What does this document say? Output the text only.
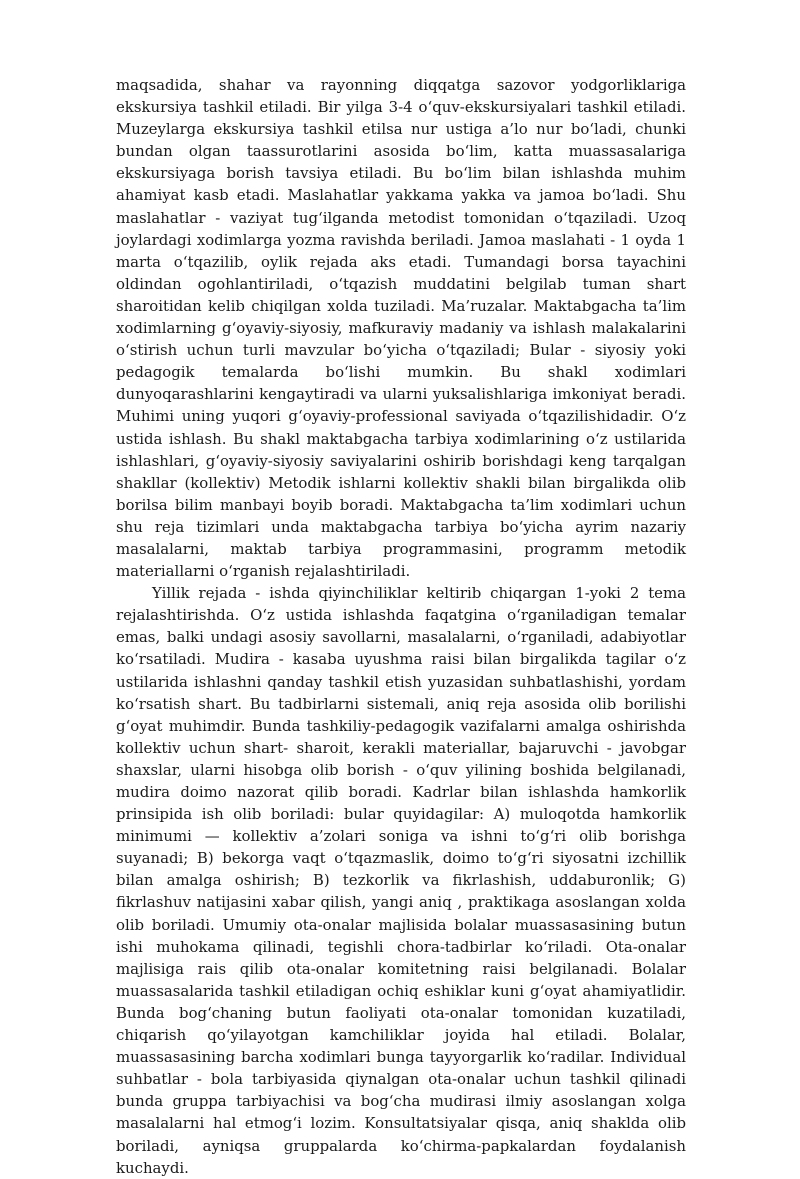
maqsadida, shahar va rayonning diqqatga sazovor yodgorliklariga ekskursiya tashkil etiladi. Bir yilga 3-4 o‘quv-ekskursiyalari tashkil etiladi. Muzeylarga ekskursiya tashkil etilsa nur ustiga a’lo nur bo‘ladi, chunki bundan olgan taassurotlarini asosida bo‘lim, katta muassasalariga ekskursiyaga borish tavsiya etiladi. Bu bo‘lim bilan ishlashda muhim ahamiyat kasb etadi. Maslahatlar yakkama yakka va jamoa bo‘ladi. Shu maslahatlar - vaziyat tug‘ilganda metodist tomonidan o‘tqaziladi. Uzoq joylardagi xodimlarga yozma ravishda beriladi. Jamoa maslahati - 1 oyda 1 marta o‘tqazilib, oylik rejada aks etadi. Tumandagi borsa tayachini oldindan ogohlantiriladi, o‘tqazish muddatini belgilab tuman shart sharoitidan kelib chiqilgan xolda tuziladi. Ma’ruzalar. Maktabgacha ta’lim xodimlarning g‘oyaviy-siyosiy, mafkuraviy madaniy va ishlash malakalarini o‘stirish uchun turli mavzular bo‘yicha o‘tqaziladi; Bular - siyosiy yoki pedagogik temalarda bo‘lishi mumkin. Bu shakl xodimlari dunyoqarashlarini kengaytiradi va ularni yuksalishlariga imkoniyat beradi. Muhimi uning yuqori g‘oyaviy-professional saviyada o‘tqazilishidadir. O‘z ustida ishlash. Bu shakl maktabgacha tarbiya xodimlarining o‘z ustilarida ishlashlari, g‘oyaviy-siyosiy saviyalarini oshirib borishdagi keng tarqalgan shakllar (kollektiv) Metodik ishlarni kollektiv shakli bilan birgalikda olib borilsa bilim manbayi boyib boradi. Maktabgacha ta’lim xodimlari uchun shu reja tizimlari unda maktabgacha tarbiya bo‘yicha ayrim nazariy masalalarni, maktab tarbiya programmasini, programm metodik materiallarni o‘rganish rejalashtiriladi.

Yillik rejada - ishda qiyinchiliklar keltirib chiqargan 1-yoki 2 tema rejalashtirishda. O‘z ustida ishlashda faqatgina o‘rganiladigan temalar emas, balki undagi asosiy savollarni, masalalarni, o‘rganiladi, adabiyotlar ko‘rsatiladi. Mudira - kasaba uyushma raisi bilan birgalikda tagilar o‘z ustilarida ishlashni qanday tashkil etish yuzasidan suhbatlashishi, yordam ko‘rsatish shart. Bu tadbirlarni sistemali, aniq reja asosida olib borilishi g‘oyat muhimdir. Bunda tashkiliy-pedagogik vazifalarni amalga oshirishda kollektiv uchun shart- sharoit, kerakli materiallar, bajaruvchi - javobgar shaxslar, ularni hisobga olib borish - o‘quv yilining boshida belgilanadi, mudira doimo nazorat qilib boradi. Kadrlar bilan ishlashda hamkorlik prinsipida ish olib boriladi: bular quyidagilar: A) muloqotda hamkorlik minimumi — kollektiv a’zolari soniga va ishni to‘g‘ri olib borishga suyanadi; B) bekorga vaqt o‘tqazmaslik, doimo to‘g‘ri siyosatni izchillik bilan amalga oshirish; B) tezkorlik va fikrlashish, uddaburonlik; G) fikrlashuv natijasini xabar qilish, yangi aniq , praktikaga asoslangan xolda olib boriladi. Umumiy ota-onalar majlisida bolalar muassasasining butun ishi muhokama qilinadi, tegishli chora-tadbirlar ko‘riladi. Ota-onalar majlisiga rais qilib ota-onalar komitetning raisi belgilanadi. Bolalar muassasalarida tashkil etiladigan ochiq eshiklar kuni g‘oyat ahamiyatlidir. Bunda bog‘chaning butun faoliyati ota-onalar tomonidan kuzatiladi, chiqarish qo‘yilayotgan kamchiliklar joyida hal etiladi. Bolalar, muassasasining barcha xodimlari bunga tayyorgarlik ko‘radilar. Individual suhbatlar - bola tarbiyasida qiynalgan ota-onalar uchun tashkil qilinadi bunda gruppa tarbiyachisi va bog‘cha mudirasi ilmiy asoslangan xolga masalalarni hal etmog‘i lozim. Konsultatsiyalar qisqa, aniq shaklda olib boriladi, ayniqsa gruppalarda ko‘chirma-papkalardan foydalanish kuchaydi.
